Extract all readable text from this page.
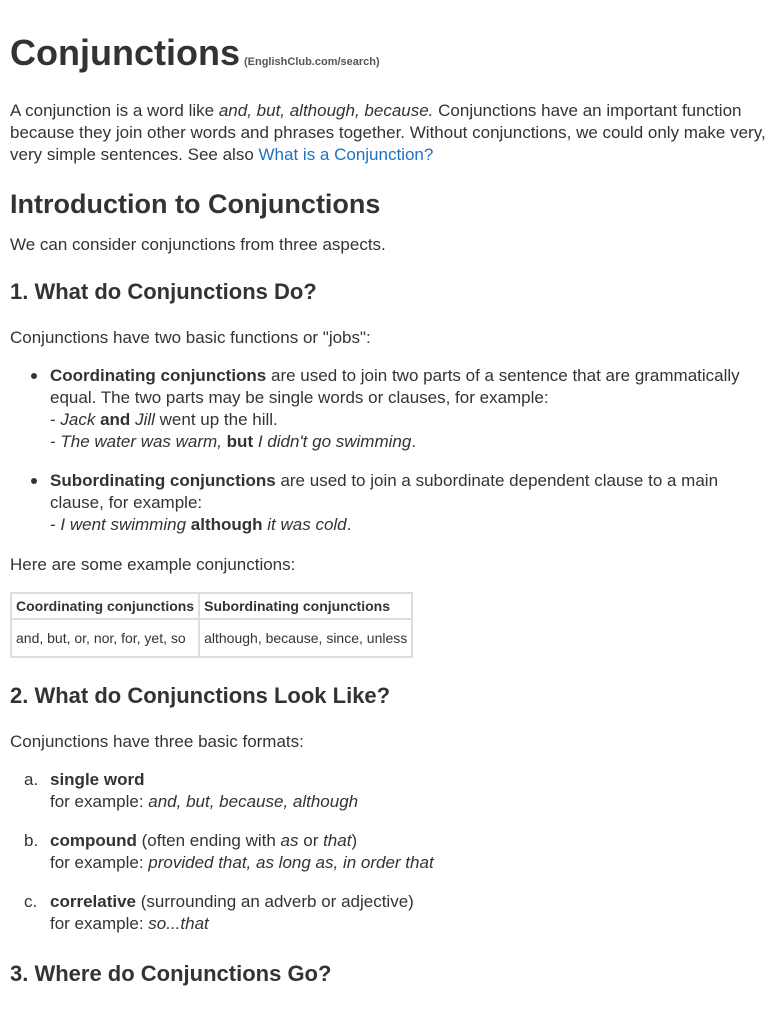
Conjunctions (EnglishClub.com/search)

A conjunction is a word like and, but, although, because. Conjunctions have an important function because they join other words and phrases together. Without conjunctions, we could only make very, very simple sentences. See also What is a Conjunction?

Introduction to Conjunctions

We can consider conjunctions from three aspects.

1. What do Conjunctions Do?

Conjunctions have two basic functions or "jobs":

Coordinating conjunctions are used to join two parts of a sentence that are grammatically equal. The two parts may be single words or clauses, for example:
- Jack and Jill went up the hill.
- The water was warm, but I didn't go swimming.
Subordinating conjunctions are used to join a subordinate dependent clause to a main clause, for example:
- I went swimming although it was cold.

Here are some example conjunctions:

Coordinating conjunctions	Subordinating conjunctions
and, but, or, nor, for, yet, so	although, because, since, unless
2. What do Conjunctions Look Like?

Conjunctions have three basic formats:

a. single word
for example: and, but, because, although
b. compound (often ending with as or that)
for example: provided that, as long as, in order that
c. correlative (surrounding an adverb or adjective)
for example: so...that
3. Where do Conjunctions Go?
